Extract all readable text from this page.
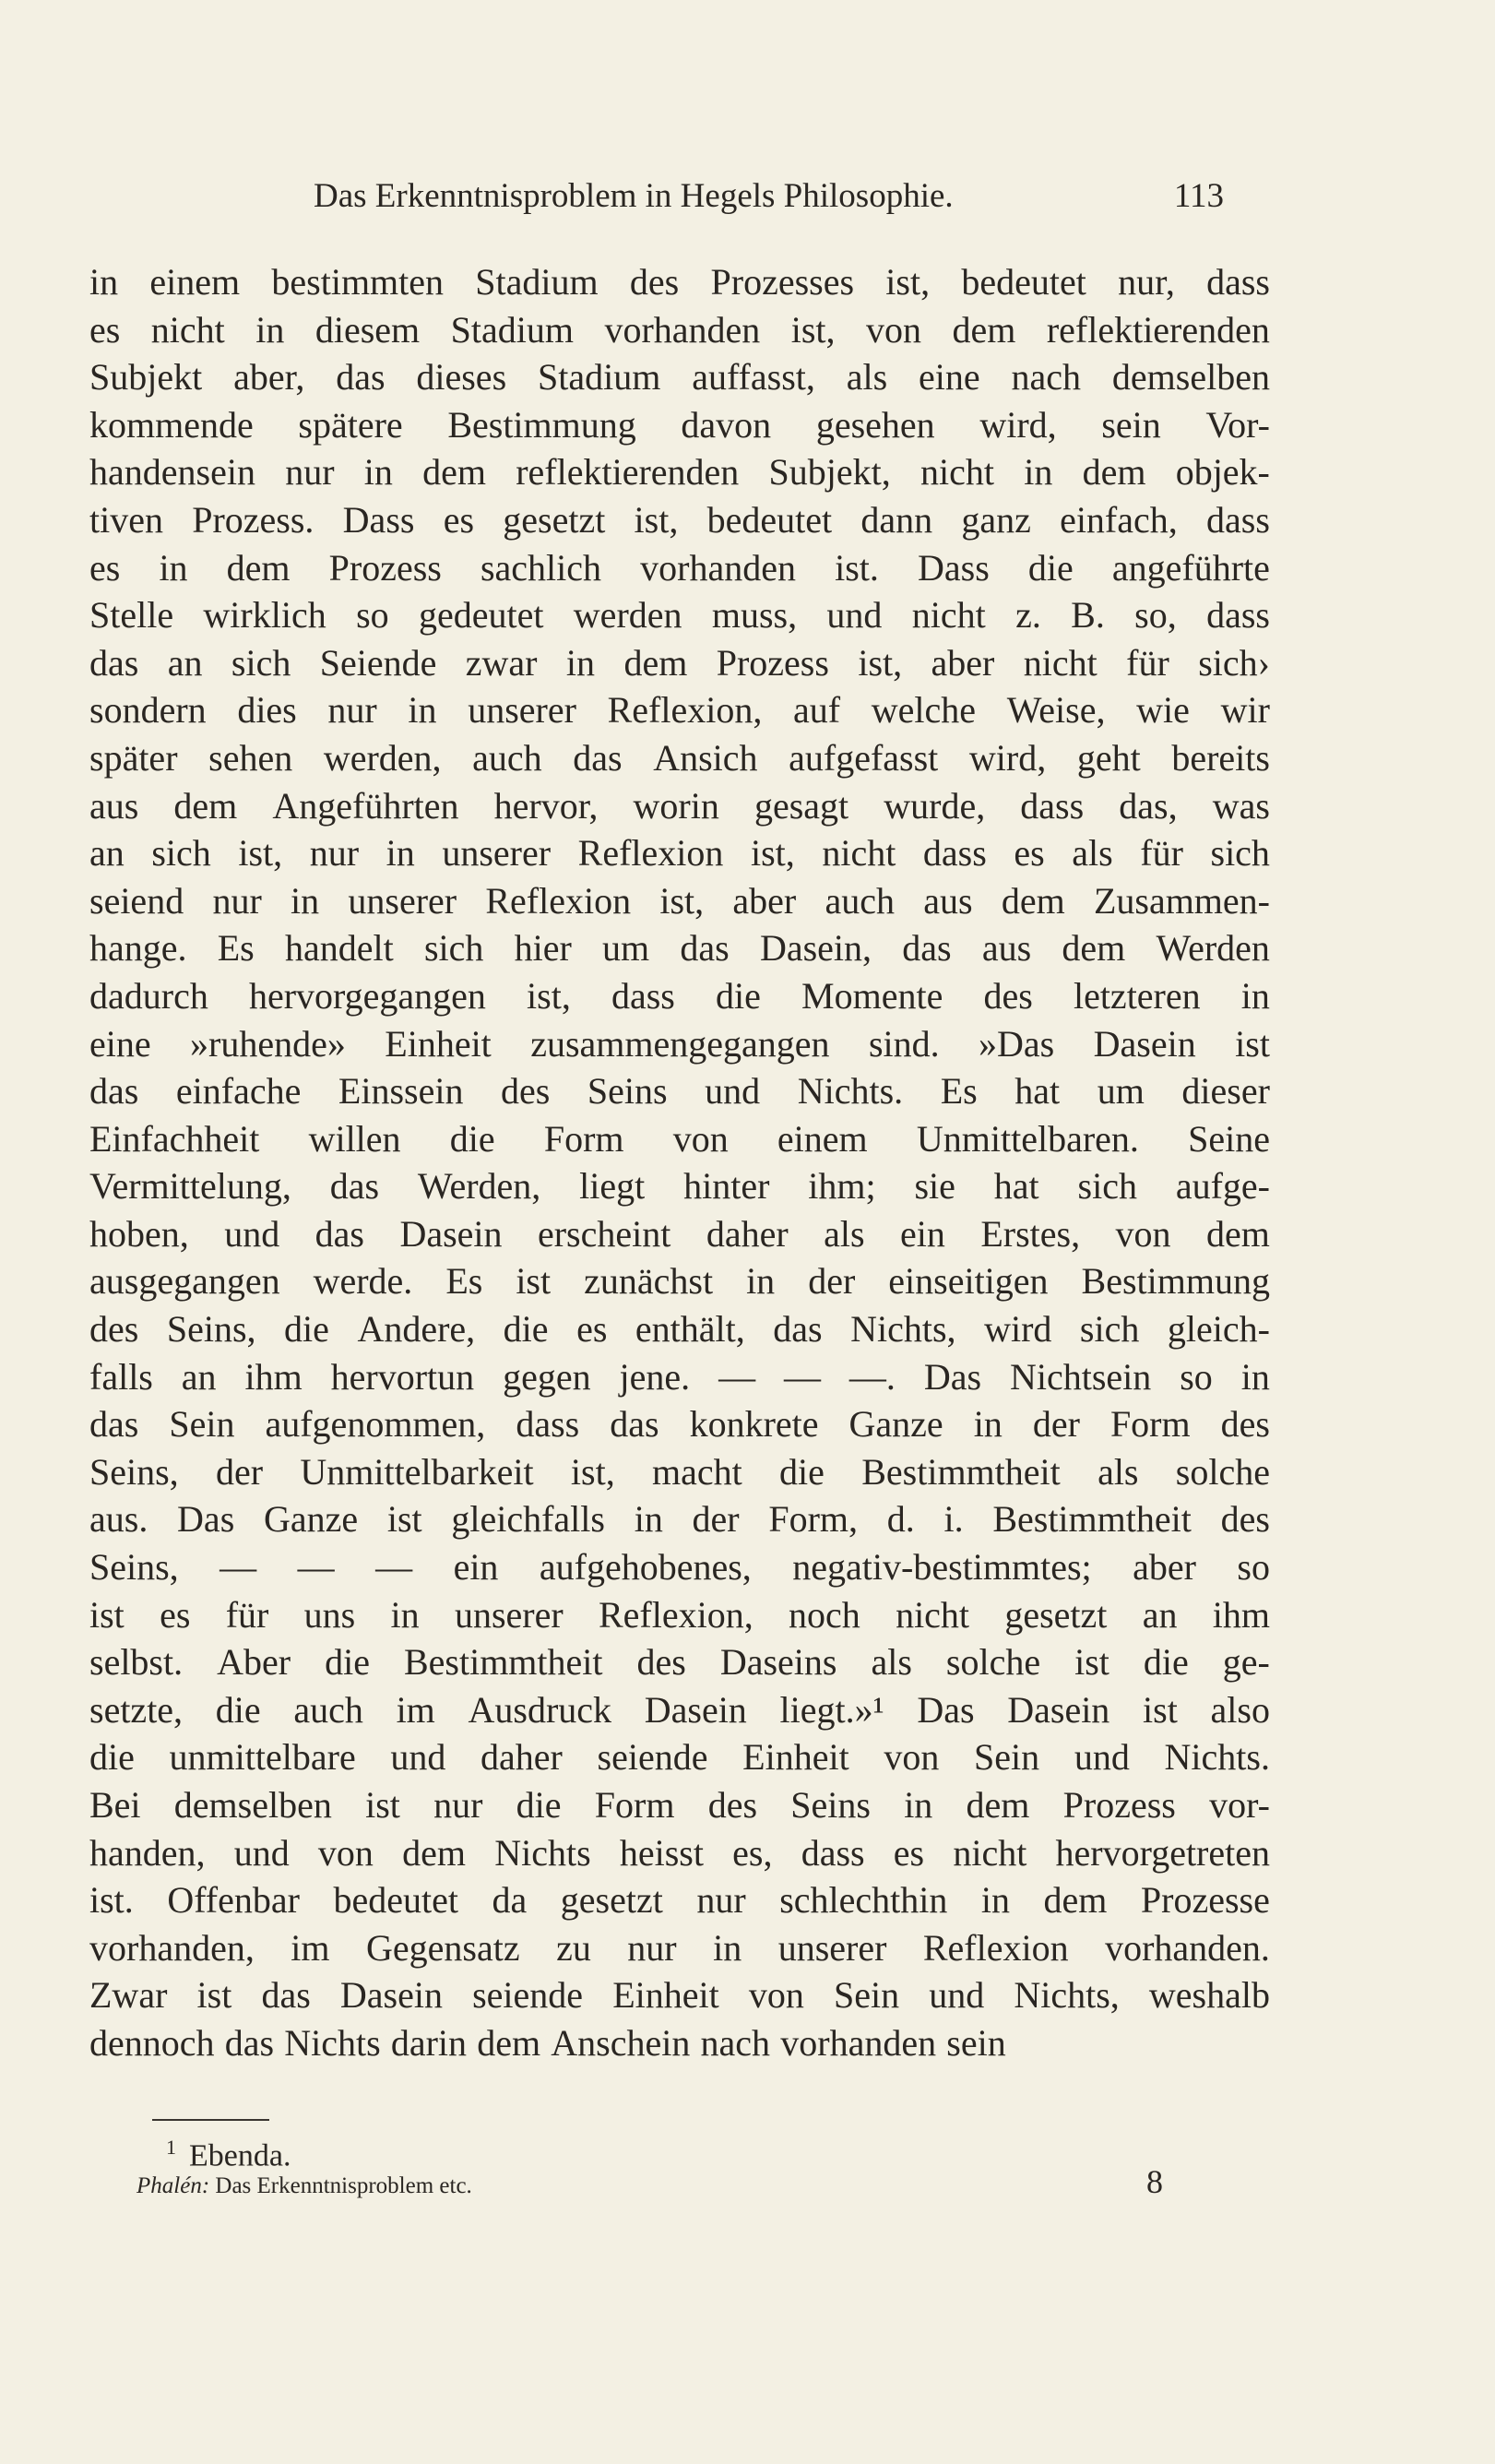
Das Erkenntnisproblem in Hegels Philosophie.	113
in einem bestimmten Stadium des Prozesses ist, bedeutet nur, dass
es nicht in diesem Stadium vorhanden ist, von dem reflektierenden
Subjekt aber, das dieses Stadium auffasst, als eine nach demselben
kommende spätere Bestimmung davon gesehen wird, sein Vor-
handensein nur in dem reflektierenden Subjekt, nicht in dem objek-
tiven Prozess. Dass es gesetzt ist, bedeutet dann ganz einfach, dass
es in dem Prozess sachlich vorhanden ist. Dass die angeführte
Stelle wirklich so gedeutet werden muss, und nicht z. B. so, dass
das an sich Seiende zwar in dem Prozess ist, aber nicht für sich›
sondern dies nur in unserer Reflexion, auf welche Weise, wie wir
später sehen werden, auch das Ansich aufgefasst wird, geht bereits
aus dem Angeführten hervor, worin gesagt wurde, dass das, was
an sich ist, nur in unserer Reflexion ist, nicht dass es als für sich
seiend nur in unserer Reflexion ist, aber auch aus dem Zusammen-
hange. Es handelt sich hier um das Dasein, das aus dem Werden
dadurch hervorgegangen ist, dass die Momente des letzteren in
eine »ruhende» Einheit zusammengegangen sind. »Das Dasein ist
das einfache Einssein des Seins und Nichts. Es hat um dieser
Einfachheit willen die Form von einem Unmittelbaren. Seine
Vermittelung, das Werden, liegt hinter ihm; sie hat sich aufge-
hoben, und das Dasein erscheint daher als ein Erstes, von dem
ausgegangen werde. Es ist zunächst in der einseitigen Bestimmung
des Seins, die Andere, die es enthält, das Nichts, wird sich gleich-
falls an ihm hervortun gegen jene. — — —. Das Nichtsein so in
das Sein aufgenommen, dass das konkrete Ganze in der Form des
Seins, der Unmittelbarkeit ist, macht die Bestimmtheit als solche
aus. Das Ganze ist gleichfalls in der Form, d. i. Bestimmtheit des
Seins, — — — ein aufgehobenes, negativ-bestimmtes; aber so
ist es für uns in unserer Reflexion, noch nicht gesetzt an ihm
selbst. Aber die Bestimmtheit des Daseins als solche ist die ge-
setzte, die auch im Ausdruck Dasein liegt.»¹ Das Dasein ist also
die unmittelbare und daher seiende Einheit von Sein und Nichts.
Bei demselben ist nur die Form des Seins in dem Prozess vor-
handen, und von dem Nichts heisst es, dass es nicht hervorgetreten
ist. Offenbar bedeutet da gesetzt nur schlechthin in dem Prozesse
vorhanden, im Gegensatz zu nur in unserer Reflexion vorhanden.
Zwar ist das Dasein seiende Einheit von Sein und Nichts, weshalb
dennoch das Nichts darin dem Anschein nach vorhanden sein
$^1$ Ebenda.
Phalén: Das Erkenntnisproblem etc.	8
